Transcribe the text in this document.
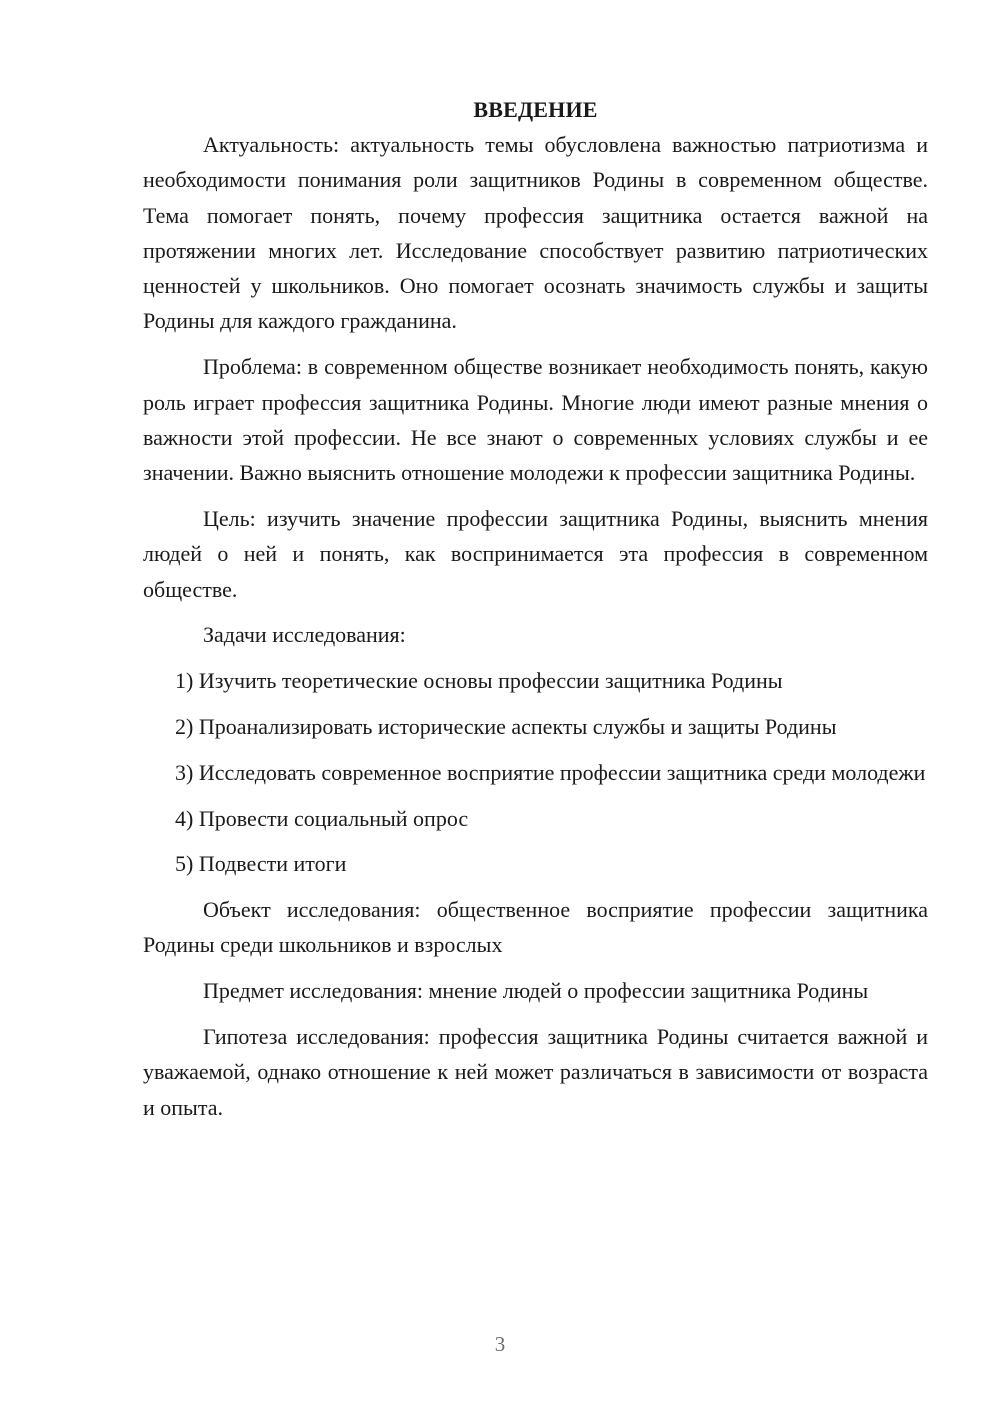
ВВЕДЕНИЕ

Актуальность: актуальность темы обусловлена важностью патриотизма и необходимости понимания роли защитников Родины в современном обществе. Тема помогает понять, почему профессия защитника остается важной на протяжении многих лет. Исследование способствует развитию патриотических ценностей у школьников. Оно помогает осознать значимость службы и защиты Родины для каждого гражданина.

Проблема: в современном обществе возникает необходимость понять, какую роль играет профессия защитника Родины. Многие люди имеют разные мнения о важности этой профессии. Не все знают о современных условиях службы и ее значении. Важно выяснить отношение молодежи к профессии защитника Родины.

Цель: изучить значение профессии защитника Родины, выяснить мнения людей о ней и понять, как воспринимается эта профессия в современном обществе.

Задачи исследования:

1) Изучить теоретические основы профессии защитника Родины

2) Проанализировать исторические аспекты службы и защиты Родины

3) Исследовать современное восприятие профессии защитника среди молодежи

4) Провести социальный опрос

5) Подвести итоги

Объект исследования: общественное восприятие профессии защитника Родины среди школьников и взрослых

Предмет исследования: мнение людей о профессии защитника Родины

Гипотеза исследования: профессия защитника Родины считается важной и уважаемой, однако отношение к ней может различаться в зависимости от возраста и опыта.

3
